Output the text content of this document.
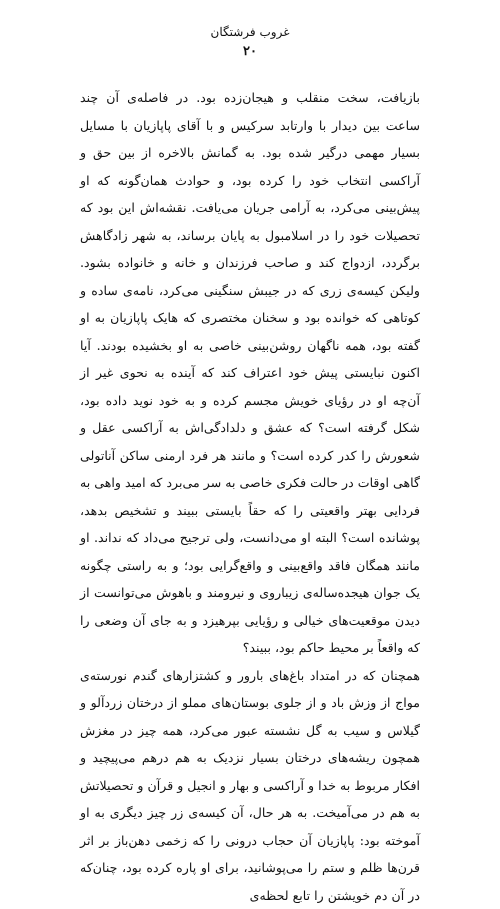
غروب فرشتگان
۲۰

بازیافت، سخت منقلب و هیجان‌زده بود. در فاصله‌ی آن چند ساعت بین دیدار با وارتابد سرکیس و با آقای پاپازیان با مسایل بسیار مهمی درگیر شده بود. به گمانش بالاخره از بین حق و آراکسی انتخاب خود را کرده بود، و حوادث همان‌گونه که او پیش‌بینی می‌کرد، به آرامی جریان می‌یافت. نقشه‌اش این بود که تحصیلات خود را در اسلامبول به پایان برساند، به شهر زادگاهش برگردد، ازدواج کند و صاحب فرزندان و خانه و خانواده بشود. ولیکن کیسه‌ی زری که در جیبش سنگینی می‌کرد، نامه‌ی ساده و کوتاهی که خوانده بود و سخنان مختصری که هایک پاپازیان به او گفته بود، همه ناگهان روشن‌بینی خاصی به او بخشیده بودند. آیا اکنون نبایستی پیش خود اعتراف کند که آینده به نحوی غیر از آن‌چه او در رؤیای خویش مجسم کرده و به خود نوید داده بود، شکل گرفته است؟ که عشق و دلدادگی‌اش به آراکسی عقل و شعورش را کدر کرده است؟ و مانند هر فرد ارمنی ساکن آناتولی گاهی اوقات در حالت فکری خاصی به سر می‌برد که امید واهی به فردایی بهتر واقعیتی را که حقاً بایستی ببیند و تشخیص بدهد، پوشانده است؟ البته او می‌دانست، ولی ترجیح می‌داد که نداند. او مانند همگان فاقد واقع‌بینی و واقع‌گرایی بود؛ و به راستی چگونه یک جوان هیجده‌ساله‌ی زیباروی و نیرومند و باهوش می‌توانست از دیدن موقعیت‌های خیالی و رؤیایی بپرهیزد و به جای آن وضعی را که واقعاً بر محیط حاکم بود، ببیند؟

همچنان که در امتداد باغ‌های بارور و کشتزارهای گندم نورسته‌ی مواج از وزش باد و از جلوی بوستان‌های مملو از درختان زردآلو و گیلاس و سیب به گل نشسته عبور می‌کرد، همه چیز در مغزش همچون ریشه‌های درختان بسیار نزدیک به هم درهم می‌پیچید و افکار مربوط به خدا و آراکسی و بهار و انجیل و قرآن و تحصیلاتش به هم در می‌آمیخت. به هر حال، آن کیسه‌ی زر چیز دیگری به او آموخته بود: پاپازیان آن حجاب درونی را که زخمی دهن‌باز بر اثر قرن‌ها ظلم و ستم را می‌پوشانید، برای او پاره کرده بود، چنان‌که در آن دم خویشتن را تابع لحظه‌ی
